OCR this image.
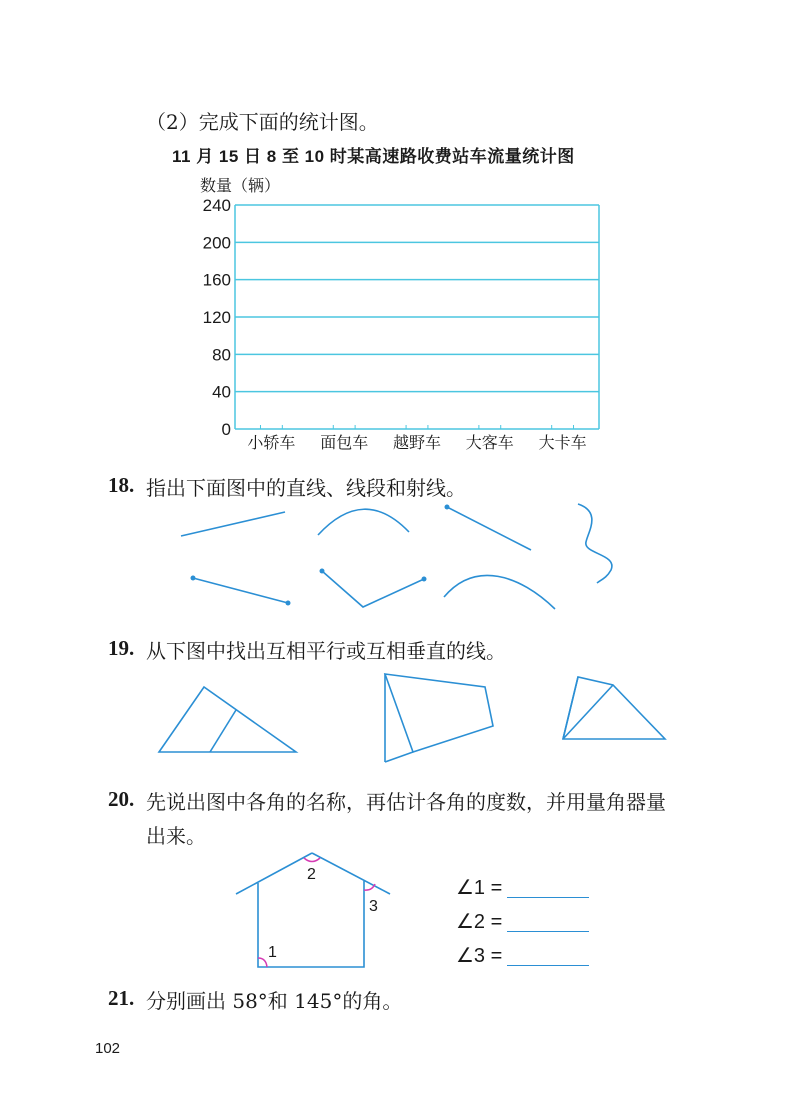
（2）完成下面的统计图。
11 月 15 日 8 至 10 时某高速路收费站车流量统计图
数量（辆）
0
40
80
120
160
200
240
小轿车 面包车 越野车 大客车 大卡车
18. 指出下面图中的直线、线段和射线。
19. 从下图中找出互相平行或互相垂直的线。
20. 先说出图中各角的名称，再估计各角的度数，并用量角器量
出来。
2
3
1
∠1 =
∠2 =
∠3 =
21. 分别画出 58°和 145°的角。
102
